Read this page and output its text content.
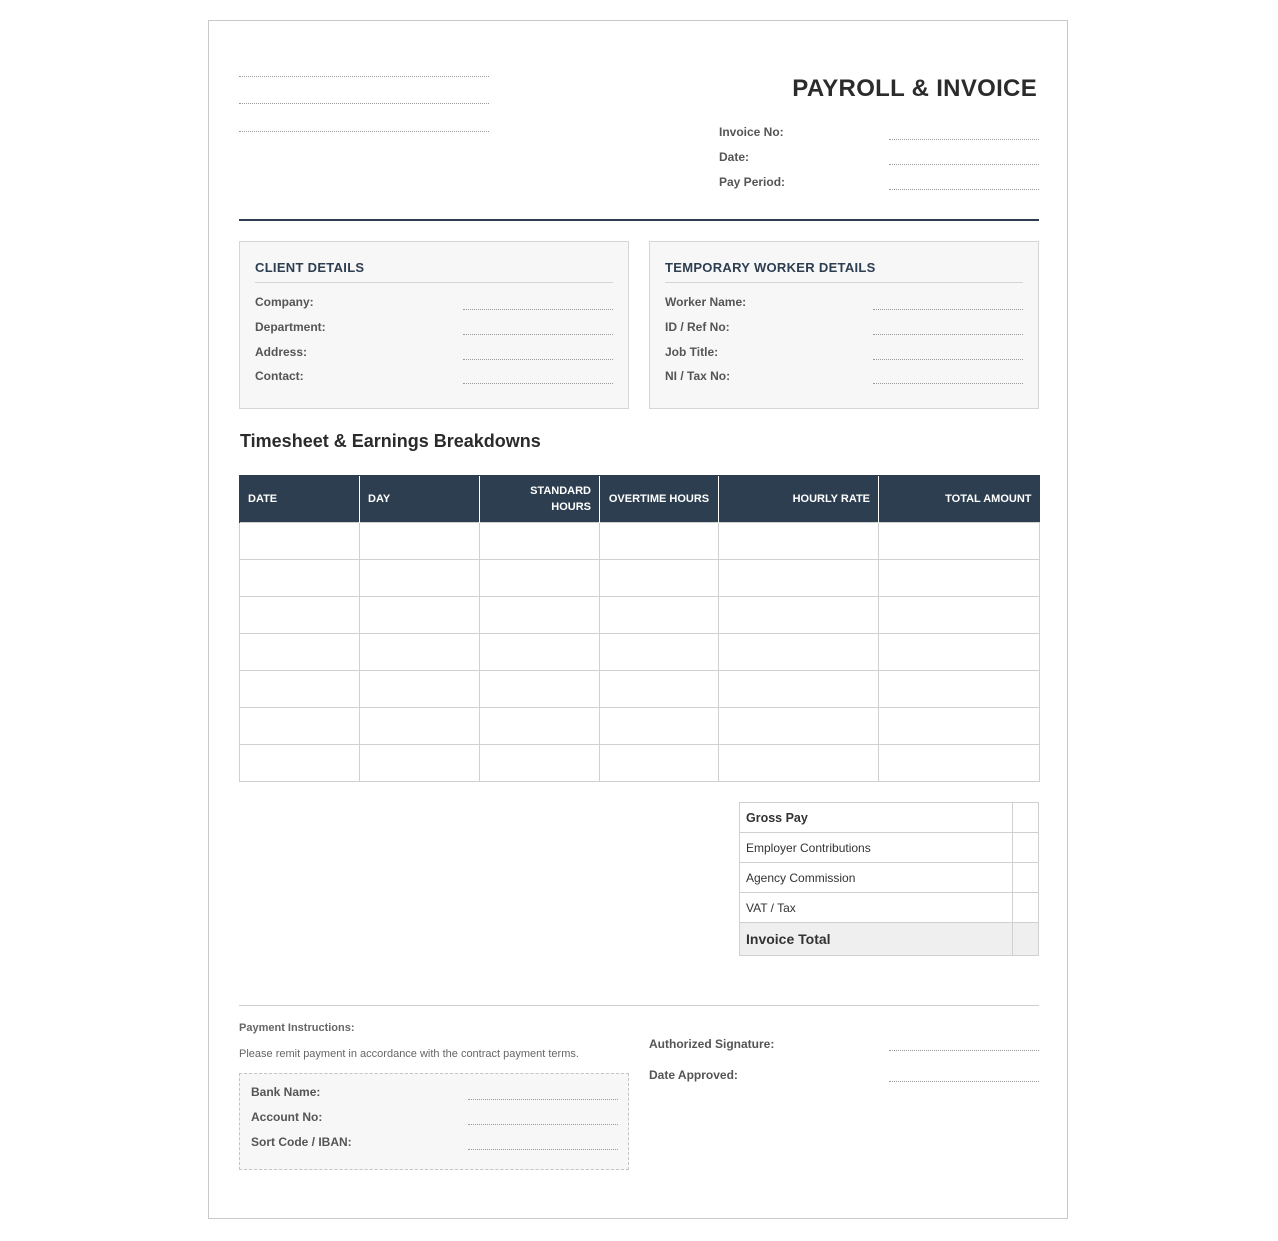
PAYROLL & INVOICE
Invoice No:
Date:
Pay Period:
CLIENT DETAILS
Company:
Department:
Address:
Contact:
TEMPORARY WORKER DETAILS
Worker Name:
ID / Ref No:
Job Title:
NI / Tax No:
Timesheet & Earnings Breakdowns
DATE	DAY	STANDARD HOURS	OVERTIME HOURS	HOURLY RATE	TOTAL AMOUNT

Gross Pay	
Employer Contributions	
Agency Commission	
VAT / Tax	
Invoice Total	
Payment Instructions:
Please remit payment in accordance with the contract payment terms.
Bank Name:
Account No:
Sort Code / IBAN:
Authorized Signature:
Date Approved:
